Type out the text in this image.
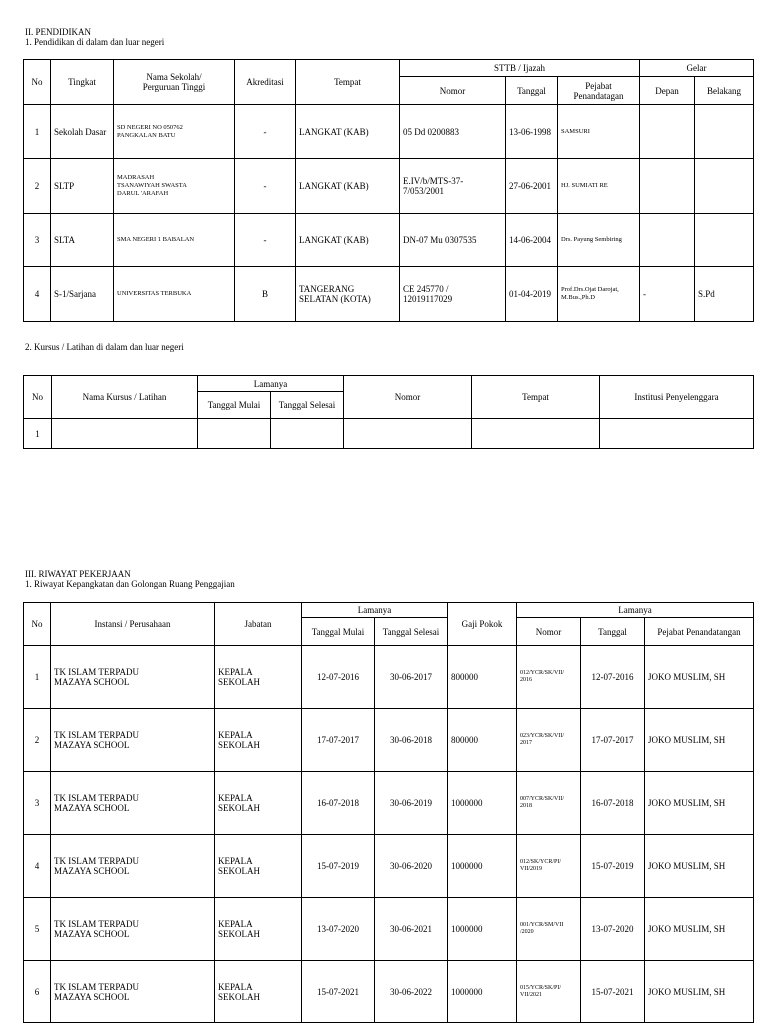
II. PENDIDIKAN
1. Pendidikan di dalam dan luar negeri
No	Tingkat	Nama Sekolah/
Perguruan Tinggi	Akreditasi	Tempat	STTB / Ijazah			Gelar	
					Nomor	Tanggal	Pejabat
Penandatagan	Depan	Belakang
1	Sekolah Dasar	SD NEGERI NO 050762
PANGKALAN BATU	-	LANGKAT (KAB)	05 Dd 0200883	13-06-1998	SAMSURI		
2	SLTP	MADRASAH
TSANAWIYAH SWASTA
DARUL 'ARAFAH	-	LANGKAT (KAB)	E.IV/b/MTS-37-
7/053/2001	27-06-2001	HJ. SUMIATI RE		
3	SLTA	SMA NEGERI 1 BABALAN	-	LANGKAT (KAB)	DN-07 Mu 0307535	14-06-2004	Drs. Payung Sembiring		
4	S-1/Sarjana	UNIVERSITAS TERBUKA	B	TANGERANG
SELATAN (KOTA)	CE 245770 /
12019117029	01-04-2019	Prof.Drs.Ojat Darojat,
M.Bus.,Ph.D	-	S.Pd
2. Kursus / Latihan di dalam dan luar negeri
No	Nama Kursus / Latihan	Lamanya		Nomor	Tempat	Institusi Penyelenggara
		Tanggal Mulai	Tanggal Selesai			
1						
III. RIWAYAT PEKERJAAN
1. Riwayat Kepangkatan dan Golongan Ruang Penggajian
No	Instansi / Perusahaan	Jabatan	Lamanya		Gaji Pokok	Lamanya		
			Tanggal Mulai	Tanggal Selesai		Nomor	Tanggal	Pejabat Penandatangan
1	TK ISLAM TERPADU
MAZAYA SCHOOL	KEPALA
SEKOLAH	12-07-2016	30-06-2017	800000	012/YCR/SK/VII/
2016	12-07-2016	JOKO MUSLIM, SH
2	TK ISLAM TERPADU
MAZAYA SCHOOL	KEPALA
SEKOLAH	17-07-2017	30-06-2018	800000	023/YCR/SK/VII/
2017	17-07-2017	JOKO MUSLIM, SH
3	TK ISLAM TERPADU
MAZAYA SCHOOL	KEPALA
SEKOLAH	16-07-2018	30-06-2019	1000000	007/YCR/SK/VII/
2018	16-07-2018	JOKO MUSLIM, SH
4	TK ISLAM TERPADU
MAZAYA SCHOOL	KEPALA
SEKOLAH	15-07-2019	30-06-2020	1000000	012/SK/YCR/PI/
VII/2019	15-07-2019	JOKO MUSLIM, SH
5	TK ISLAM TERPADU
MAZAYA SCHOOL	KEPALA
SEKOLAH	13-07-2020	30-06-2021	1000000	001/YCR/SM/VII
/2020	13-07-2020	JOKO MUSLIM, SH
6	TK ISLAM TERPADU
MAZAYA SCHOOL	KEPALA
SEKOLAH	15-07-2021	30-06-2022	1000000	015/YCR/SK/PI/
VII/2021	15-07-2021	JOKO MUSLIM, SH
